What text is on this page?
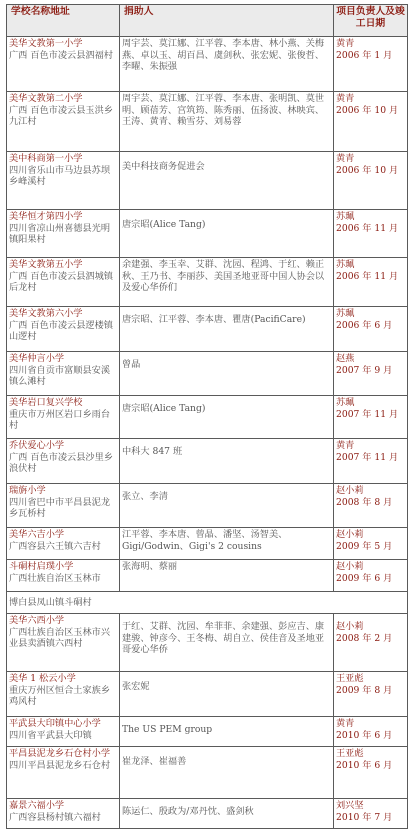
学校名称地址	捐助人	项目负责人及竣工日期
美华文教第一小学
广西 百色市凌云县泗福村	周宇芸、莫江娜、江平蓉、李本唐、林小燕、关梅燕、卓以玉、胡百昌、虞剑秋、张宏妮、张俊哲、李曜、朱振强	黄青
2006 年 1 月
美华文教第二小学
广西 百色市凌云县玉洪乡九江村	周宇芸、莫江娜、江平蓉、李本唐、张明凯、莫世明、顾蓓芳、宫筑筠、陈秀丽、伍扬波、林映宾、王涛、黄青、赖雪芬、刘易蓉	黄青
2006 年 10 月
美中科商第一小学
四川省乐山市马边县苏坝乡峰溪村	美中科技商务促进会	黄青
2006 年 10 月
美华恒才第四小学
四川省凉山州喜德县光明镇阳果村	唐宗昭(Alice Tang)	苏珮
2006 年 11 月
美华文教第五小学
广西 百色市凌云县泗城镇后龙村	余建强、李玉幸、艾群、沈园、程鸿、于红、赖正秋、王乃书、李丽莎、美国圣地亚哥中国人协会以及爱心华侨们	苏珮
2006 年 11 月
美华文教第六小学
广西 百色市凌云县逻楼镇山逻村	唐宗昭、江平蓉、李本唐、瞿唐(PacifiCare)	苏珮
2006 年 6 月
美华仲言小学
四川省自贡市富顺县安溪镇么滩村	曾晶	赵燕
2007 年 9 月
美华岩口复兴学校
重庆市万州区岩口乡雨台村	唐宗昭(Alice Tang)	苏珮
2007 年 11 月
乔伏爱心小学
广西 百色市凌云县沙里乡浪伏村	中科大 847 班	黄青
2007 年 11 月
瑞旃小学
四川省巴中市平昌县泥龙乡瓦桥村	张立、李清	赵小莉
2008 年 8 月
美华六吉小学
广西容县六王镇六吉村	江平蓉、李本唐、曾晶、潘坚、汤智美、Gigi/Godwin、Gigi's 2 cousins	赵小莉
2009 年 5 月
斗硐村启璞小学
广西壮族自治区玉林市	张海明、蔡丽	赵小莉
2009 年 6 月
博白县凤山镇斗硐村		
美华六西小学
广西壮族自治区玉林市兴业县卖酒镇六西村	于红、艾群、沈园、牟菲菲、余建强、彭应吉、康建骏、钟彦今、王冬梅、胡自立、侯佳音及圣地亚哥爱心华侨	赵小莉
2008 年 2 月
美华 1 松云小学
重庆万州区恒合土家族乡鸡风村	张宏妮	王亚彪
2009 年 8 月
平武县大印镇中心小学
四川省平武县大印镇	The US PEM group	黄青
2010 年 6 月
平昌县泥龙乡石仓村小学
四川平昌县泥龙乡石仓村	崔龙泽、崔福善	王亚彪
2010 年 6 月
嘉景六福小学
广西容县杨村镇六福村	陈运仁、殷政为/邓丹忱、盛剑秋	刘兴坚
2010 年 7 月
